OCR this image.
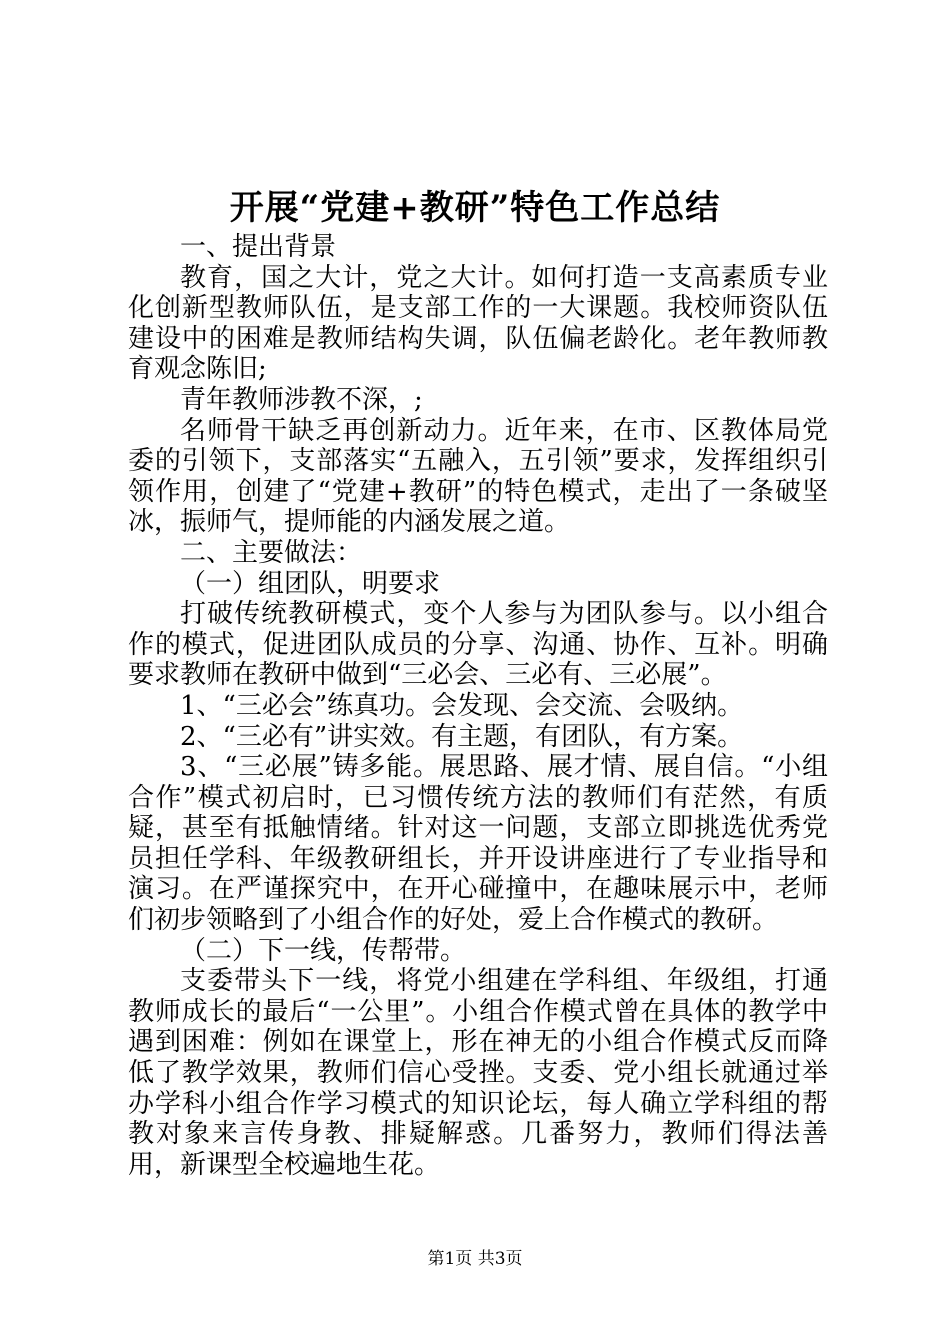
开展“党建+教研”特色工作总结

一、提出背景

教育，国之大计，党之大计。如何打造一支高素质专业化创新型教师队伍，是支部工作的一大课题。我校师资队伍建设中的困难是教师结构失调，队伍偏老龄化。老年教师教育观念陈旧;

青年教师涉教不深，;

名师骨干缺乏再创新动力。近年来，在市、区教体局党委的引领下，支部落实“五融入，五引领”要求，发挥组织引领作用，创建了“党建+教研”的特色模式，走出了一条破坚冰，振师气，提师能的内涵发展之道。

二、主要做法：

（一）组团队，明要求

打破传统教研模式，变个人参与为团队参与。以小组合作的模式，促进团队成员的分享、沟通、协作、互补。明确要求教师在教研中做到“三必会、三必有、三必展”。

1、“三必会”练真功。会发现、会交流、会吸纳。

2、“三必有”讲实效。有主题，有团队，有方案。

3、“三必展”铸多能。展思路、展才情、展自信。“小组合作”模式初启时，已习惯传统方法的教师们有茫然，有质疑，甚至有抵触情绪。针对这一问题，支部立即挑选优秀党员担任学科、年级教研组长，并开设讲座进行了专业指导和演习。在严谨探究中，在开心碰撞中，在趣味展示中，老师们初步领略到了小组合作的好处，爱上合作模式的教研。

（二）下一线，传帮带。

支委带头下一线，将党小组建在学科组、年级组，打通教师成长的最后“一公里”。小组合作模式曾在具体的教学中遇到困难：例如在课堂上，形在神无的小组合作模式反而降低了教学效果，教师们信心受挫。支委、党小组长就通过举办学科小组合作学习模式的知识论坛，每人确立学科组的帮教对象来言传身教、排疑解惑。几番努力，教师们得法善用，新课型全校遍地生花。

第1页 共3页
